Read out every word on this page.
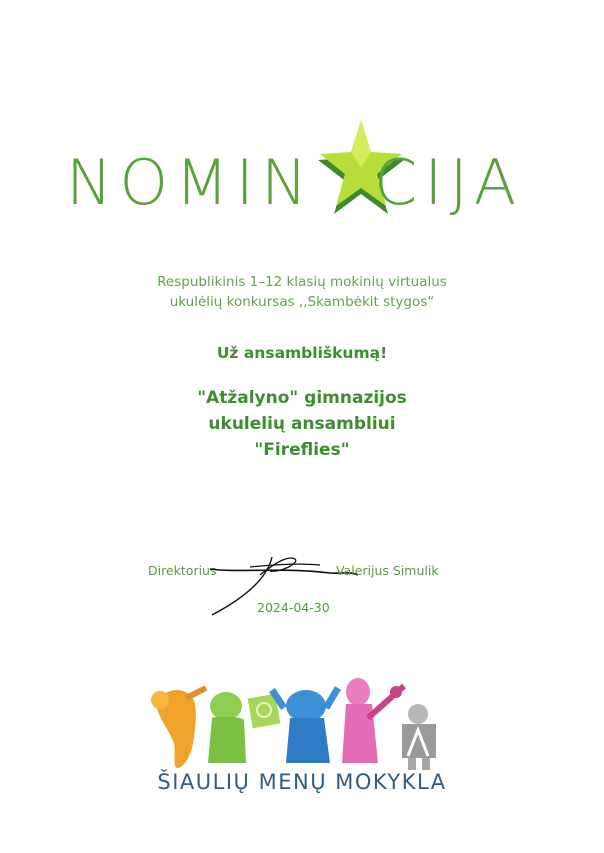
NOMIN CIJA
Respublikinis 1–12 klasių mokinių virtualus
ukulėlių konkursas ,,Skambėkit stygos“
Už ansambliškumą!
"Atžalyno" gimnazijos
ukulelių ansambliui
"Fireflies"
Direktorius	Valerijus Simulik
2024-04-30
ŠIAULIŲ MENŲ MOKYKLA
